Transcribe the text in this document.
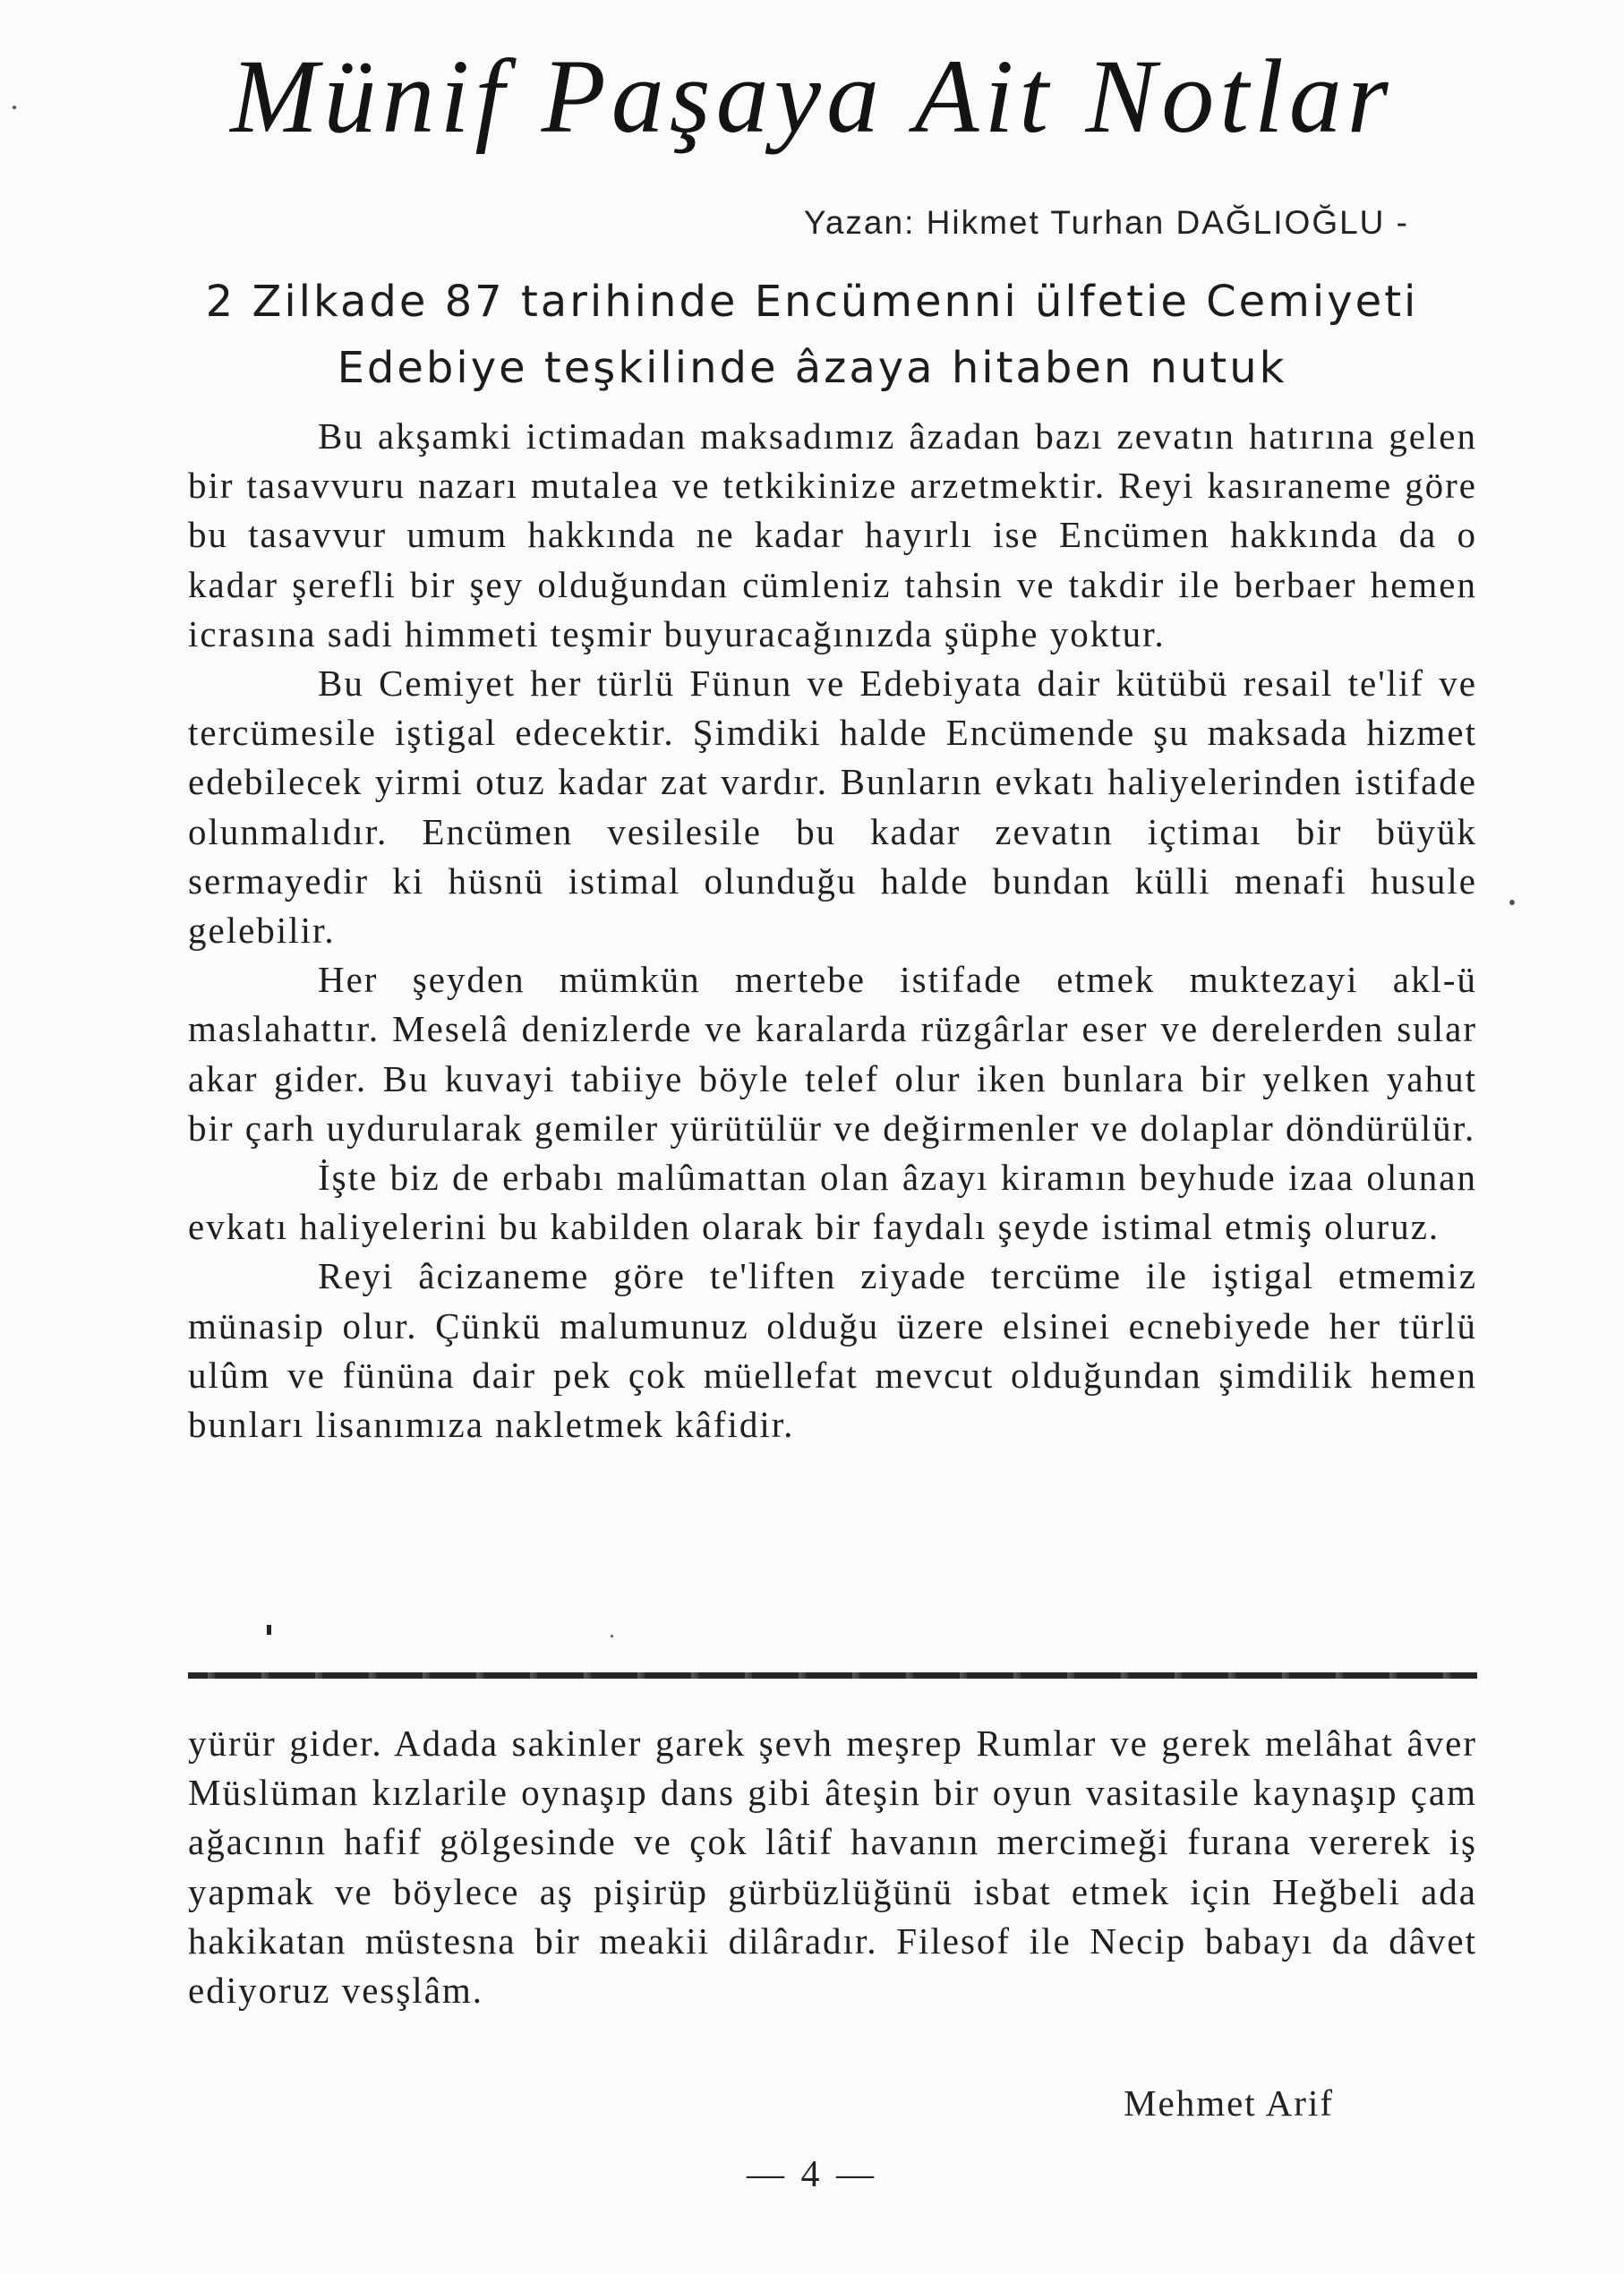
Münif Paşaya Ait Notlar
Yazan: Hikmet Turhan DAĞLIOĞLU -
2 Zilkade 87 tarihinde Encümenni ülfetie Cemiyeti
Edebiye teşkilinde âzaya hitaben nutuk

Bu akşamki ictimadan maksadımız âzadan bazı zevatın hatırına gelen bir tasavvuru nazarı mutalea ve tetkikinize arzetmektir. Reyi kasıraneme göre bu tasavvur umum hakkında ne kadar hayırlı ise Encümen hakkında da o kadar şerefli bir şey olduğundan cümleniz tahsin ve takdir ile berbaer hemen icrasına sadi himmeti teşmir buyuracağınızda şüphe yoktur.

Bu Cemiyet her türlü Fünun ve Edebiyata dair kütübü resail te'lif ve tercümesile iştigal edecektir. Şimdiki halde Encümende şu maksada hizmet edebilecek yirmi otuz kadar zat vardır. Bunların evkatı haliyelerinden istifade olunmalıdır. Encümen vesilesile bu kadar zevatın içtimaı bir büyük sermayedir ki hüsnü istimal olunduğu halde bundan külli menafi husule gelebilir.

Her şeyden mümkün mertebe istifade etmek muktezayi akl-ü maslahattır. Meselâ denizlerde ve karalarda rüzgârlar eser ve derelerden sular akar gider. Bu kuvayi tabiiye böyle telef olur iken bunlara bir yelken yahut bir çarh uydurularak gemiler yürütülür ve değirmenler ve dolaplar döndürülür.

İşte biz de erbabı malûmattan olan âzayı kiramın beyhude izaa olunan evkatı haliyelerini bu kabilden olarak bir faydalı şeyde istimal etmiş oluruz.

Reyi âcizaneme göre te'liften ziyade tercüme ile iştigal etmemiz münasip olur. Çünkü malumunuz olduğu üzere elsinei ecnebiyede her türlü ulûm ve fününa dair pek çok müellefat mevcut olduğundan şimdilik hemen bunları lisanımıza nakletmek kâfidir.

yürür gider. Adada sakinler garek şevh meşrep Rumlar ve gerek melâhat âver Müslüman kızlarile oynaşıp dans gibi âteşin bir oyun vasitasile kaynaşıp çam ağacının hafif gölgesinde ve çok lâtif havanın mercimeği furana vererek iş yapmak ve böylece aş pişirüp gürbüzlüğünü isbat etmek için Heğbeli ada hakikatan müstesna bir meakii dilâradır. Filesof ile Necip babayı da dâvet ediyoruz vesşlâm.

Mehmet Arif
— 4 —
